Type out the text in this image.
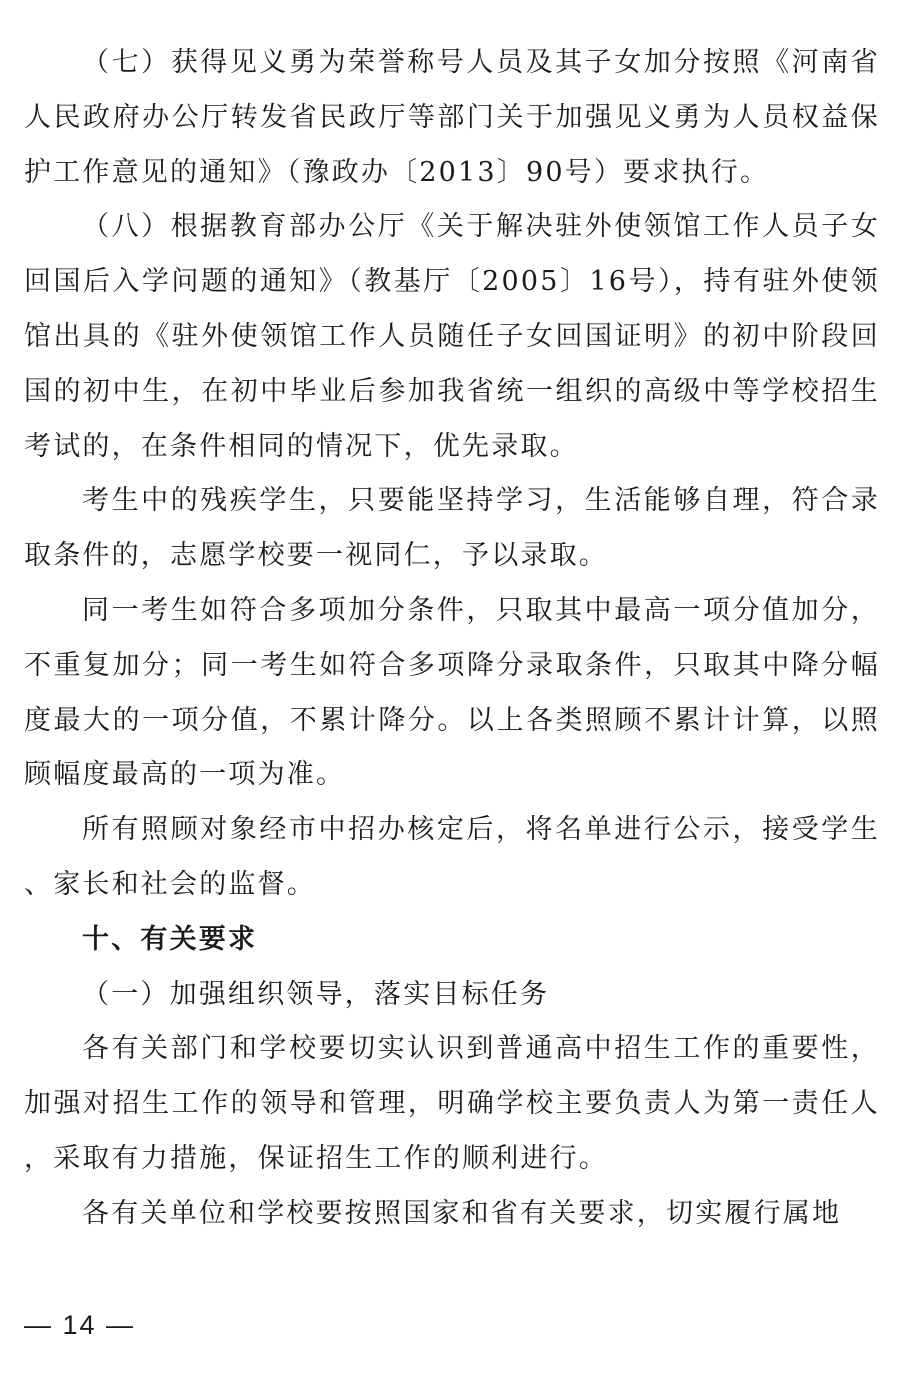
（七）获得见义勇为荣誉称号人员及其子女加分按照《河南省人民政府办公厅转发省民政厅等部门关于加强见义勇为人员权益保护工作意见的通知》（豫政办〔2013〕90号）要求执行。

（八）根据教育部办公厅《关于解决驻外使领馆工作人员子女回国后入学问题的通知》（教基厅〔2005〕16号），持有驻外使领馆出具的《驻外使领馆工作人员随任子女回国证明》的初中阶段回国的初中生，在初中毕业后参加我省统一组织的高级中等学校招生考试的，在条件相同的情况下，优先录取。

考生中的残疾学生，只要能坚持学习，生活能够自理，符合录取条件的，志愿学校要一视同仁，予以录取。

同一考生如符合多项加分条件，只取其中最高一项分值加分，不重复加分；同一考生如符合多项降分录取条件，只取其中降分幅度最大的一项分值，不累计降分。以上各类照顾不累计计算，以照顾幅度最高的一项为准。

所有照顾对象经市中招办核定后，将名单进行公示，接受学生、家长和社会的监督。

十、有关要求

（一）加强组织领导，落实目标任务

各有关部门和学校要切实认识到普通高中招生工作的重要性，加强对招生工作的领导和管理，明确学校主要负责人为第一责任人，采取有力措施，保证招生工作的顺利进行。

各有关单位和学校要按照国家和省有关要求，切实履行属地

— 14 —
